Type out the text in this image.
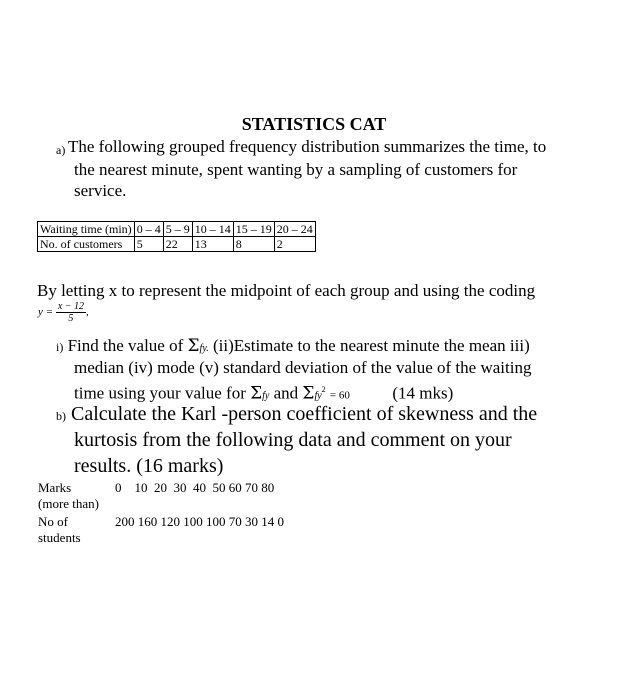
STATISTICS CAT
a) The following grouped frequency distribution summarizes the time, to
the nearest minute, spent wanting by a sampling of customers for
service.
Waiting time (min)	0 – 4	5 – 9	10 – 14	15 – 19	20 – 24
No. of customers	5	22	13	8	2
By letting x to represent the midpoint of each group and using the coding
$y = \frac{x - 12}{5}$,
i) Find the value of Σfy. (ii)Estimate to the nearest minute the mean iii)
median (iv) mode (v) standard deviation of the value of the waiting
time using your value for Σfy and Σfy$^2$ = 60	(14 mks)
b) Calculate the Karl -person coefficient of skewness and the
kurtosis from the following data and comment on your
results. (16 marks)
Marks
(more than)
0    10  20  30  40  50 60 70 80
No of
students
200 160 120 100 100 70 30 14 0
